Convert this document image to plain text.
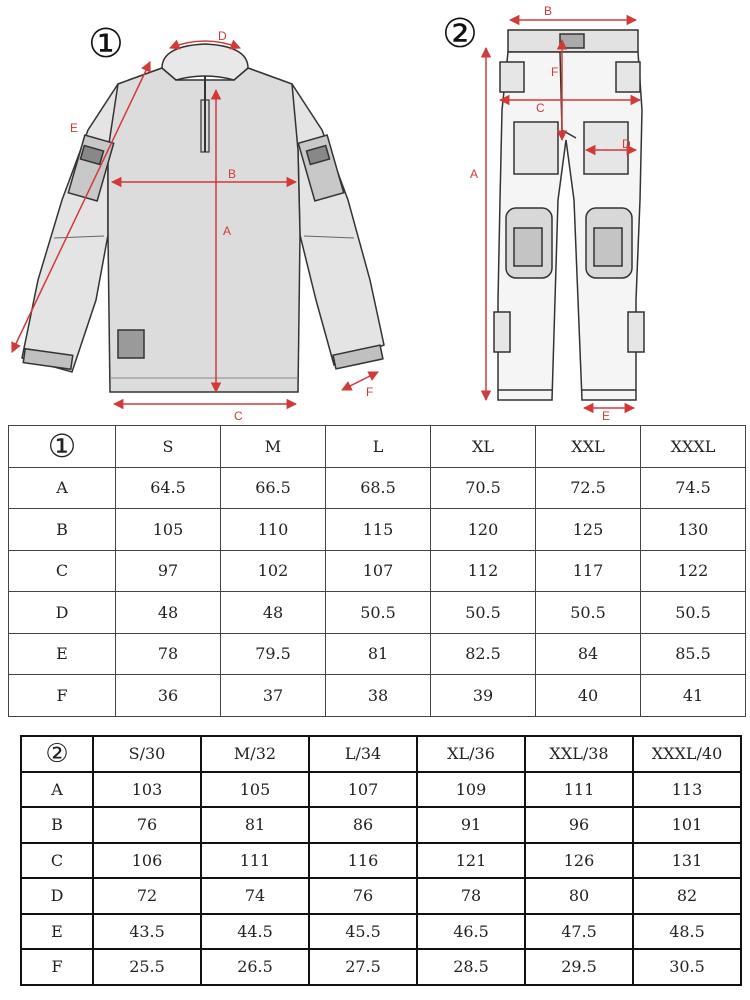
①	②
A
B
C
D
E
F
A
B
C
D
E
F
①	S	M	L	XL	XXL	XXXL
A	64.5	66.5	68.5	70.5	72.5	74.5
B	105	110	115	120	125	130
C	97	102	107	112	117	122
D	48	48	50.5	50.5	50.5	50.5
E	78	79.5	81	82.5	84	85.5
F	36	37	38	39	40	41
②	S/30	M/32	L/34	XL/36	XXL/38	XXXL/40
A	103	105	107	109	111	113
B	76	81	86	91	96	101
C	106	111	116	121	126	131
D	72	74	76	78	80	82
E	43.5	44.5	45.5	46.5	47.5	48.5
F	25.5	26.5	27.5	28.5	29.5	30.5
